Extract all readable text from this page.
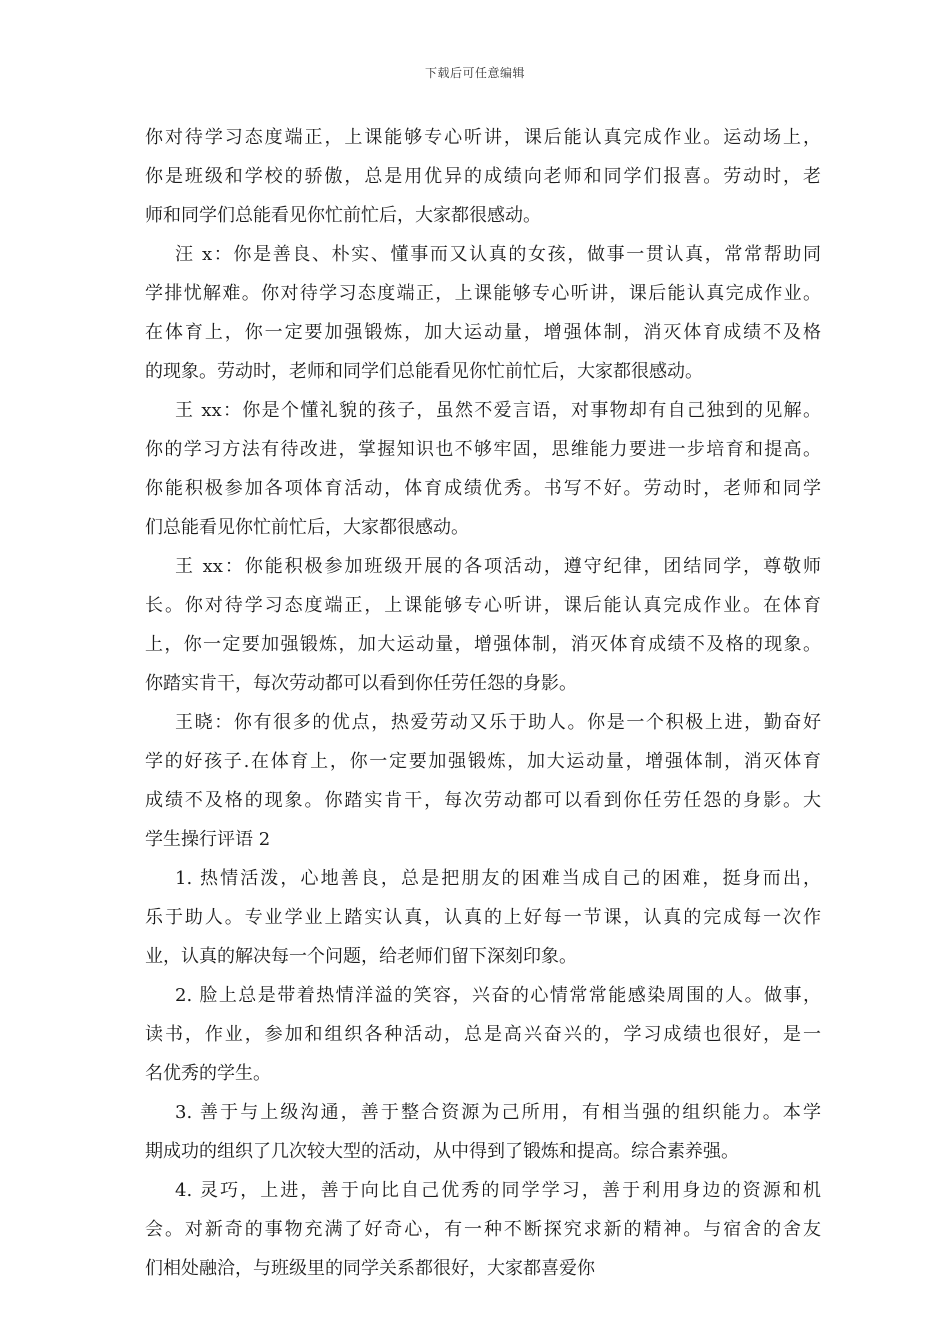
下载后可任意编辑
你对待学习态度端正，上课能够专心听讲，课后能认真完成作业。运动场上，
你是班级和学校的骄傲，总是用优异的成绩向老师和同学们报喜。劳动时，老
师和同学们总能看见你忙前忙后，大家都很感动。
汪 x：你是善良、朴实、懂事而又认真的女孩，做事一贯认真，常常帮助同
学排忧解难。你对待学习态度端正，上课能够专心听讲，课后能认真完成作业。
在体育上，你一定要加强锻炼，加大运动量，增强体制，消灭体育成绩不及格
的现象。劳动时，老师和同学们总能看见你忙前忙后，大家都很感动。
王 xx：你是个懂礼貌的孩子，虽然不爱言语，对事物却有自己独到的见解。
你的学习方法有待改进，掌握知识也不够牢固，思维能力要进一步培育和提高。
你能积极参加各项体育活动，体育成绩优秀。书写不好。劳动时，老师和同学
们总能看见你忙前忙后，大家都很感动。
王 xx：你能积极参加班级开展的各项活动，遵守纪律，团结同学，尊敬师
长。你对待学习态度端正，上课能够专心听讲，课后能认真完成作业。在体育
上，你一定要加强锻炼，加大运动量，增强体制，消灭体育成绩不及格的现象。
你踏实肯干，每次劳动都可以看到你任劳任怨的身影。
王晓：你有很多的优点，热爱劳动又乐于助人。你是一个积极上进，勤奋好
学的好孩子.在体育上，你一定要加强锻炼，加大运动量，增强体制，消灭体育
成绩不及格的现象。你踏实肯干，每次劳动都可以看到你任劳任怨的身影。大
学生操行评语 2
1. 热情活泼，心地善良，总是把朋友的困难当成自己的困难，挺身而出，
乐于助人。专业学业上踏实认真，认真的上好每一节课，认真的完成每一次作
业，认真的解决每一个问题，给老师们留下深刻印象。
2. 脸上总是带着热情洋溢的笑容，兴奋的心情常常能感染周围的人。做事，
读书，作业，参加和组织各种活动，总是高兴奋兴的，学习成绩也很好，是一
名优秀的学生。
3. 善于与上级沟通，善于整合资源为己所用，有相当强的组织能力。本学
期成功的组织了几次较大型的活动，从中得到了锻炼和提高。综合素养强。
4. 灵巧，上进，善于向比自己优秀的同学学习，善于利用身边的资源和机
会。对新奇的事物充满了好奇心，有一种不断探究求新的精神。与宿舍的舍友
们相处融洽，与班级里的同学关系都很好，大家都喜爱你
